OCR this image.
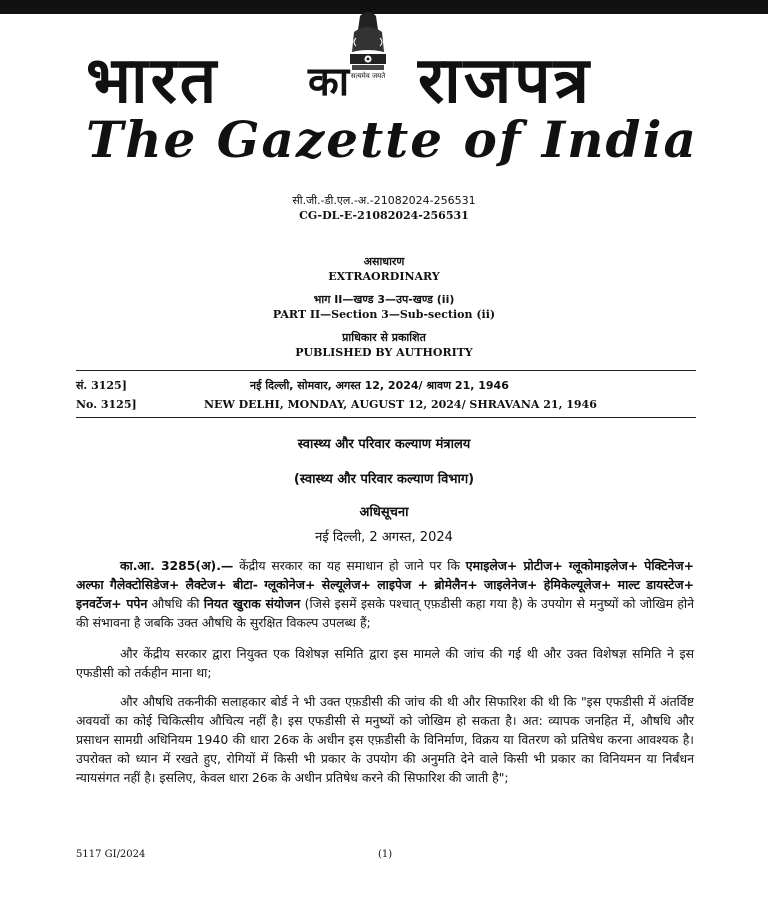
सत्यमेव जयते
भारत का राजपत्र
The Gazette of India
सी.जी.-डी.एल.-अ.-21082024-256531
CG-DL-E-21082024-256531
असाधारण
EXTRAORDINARY
भाग II—खण्ड 3—उप-खण्ड (ii)
PART II—Section 3—Sub-section (ii)
प्राधिकार से प्रकाशित
PUBLISHED BY AUTHORITY
सं. 3125]	नई दिल्ली, सोमवार, अगस्त 12, 2024/ श्रावण 21, 1946
No. 3125]	NEW DELHI, MONDAY, AUGUST 12, 2024/ SHRAVANA 21, 1946
स्वास्थ्य और परिवार कल्याण मंत्रालय
(स्वास्थ्य और परिवार कल्याण विभाग)
अधिसूचना
नई दिल्ली, 2 अगस्त, 2024
का.आ. 3285(अ).— केंद्रीय सरकार का यह समाधान हो जाने पर कि एमाइलेज+ प्रोटीज+ ग्लूकोमाइलेज+ पेक्टिनेज+ अल्फा गैलेक्टोसिडेज+ लैक्टेज+ बीटा- ग्लूकोनेज+ सेल्यूलेज+ लाइपेज + ब्रोमेलैन+ जाइलेनेज+ हेमिकेल्यूलेज+ माल्ट डायस्टेज+ इनवर्टेज+ पपेन औषधि की नियत खुराक संयोजन (जिसे इसमें इसके पश्चात् एफ़डीसी कहा गया है) के उपयोग से मनुष्यों को जोखिम होने की संभावना है जबकि उक्त औषधि के सुरक्षित विकल्प उपलब्ध हैं;
और केंद्रीय सरकार द्वारा नियुक्त एक विशेषज्ञ समिति द्वारा इस मामले की जांच की गई थी और उक्त विशेषज्ञ समिति ने इस एफडीसी को तर्कहीन माना था;
और औषधि तकनीकी सलाहकार बोर्ड ने भी उक्त एफ़डीसी की जांच की थी और सिफारिश की थी कि "इस एफडीसी में अंतर्विष्ट अवयवों का कोई चिकित्सीय औचित्य नहीं है। इस एफडीसी से मनुष्यों को जोखिम हो सकता है। अत: व्यापक जनहित में, औषधि और प्रसाधन सामग्री अधिनियम 1940 की धारा 26क के अधीन इस एफ़डीसी के विनिर्माण, विक्रय या वितरण को प्रतिषेध करना आवश्यक है। उपरोक्त को ध्यान में रखते हुए, रोगियों में किसी भी प्रकार के उपयोग की अनुमति देने वाले किसी भी प्रकार का विनियमन या निर्बंधन न्यायसंगत नहीं है। इसलिए, केवल धारा 26क के अधीन प्रतिषेध करने की सिफारिश की जाती है";
5117 GI/2024	(1)
